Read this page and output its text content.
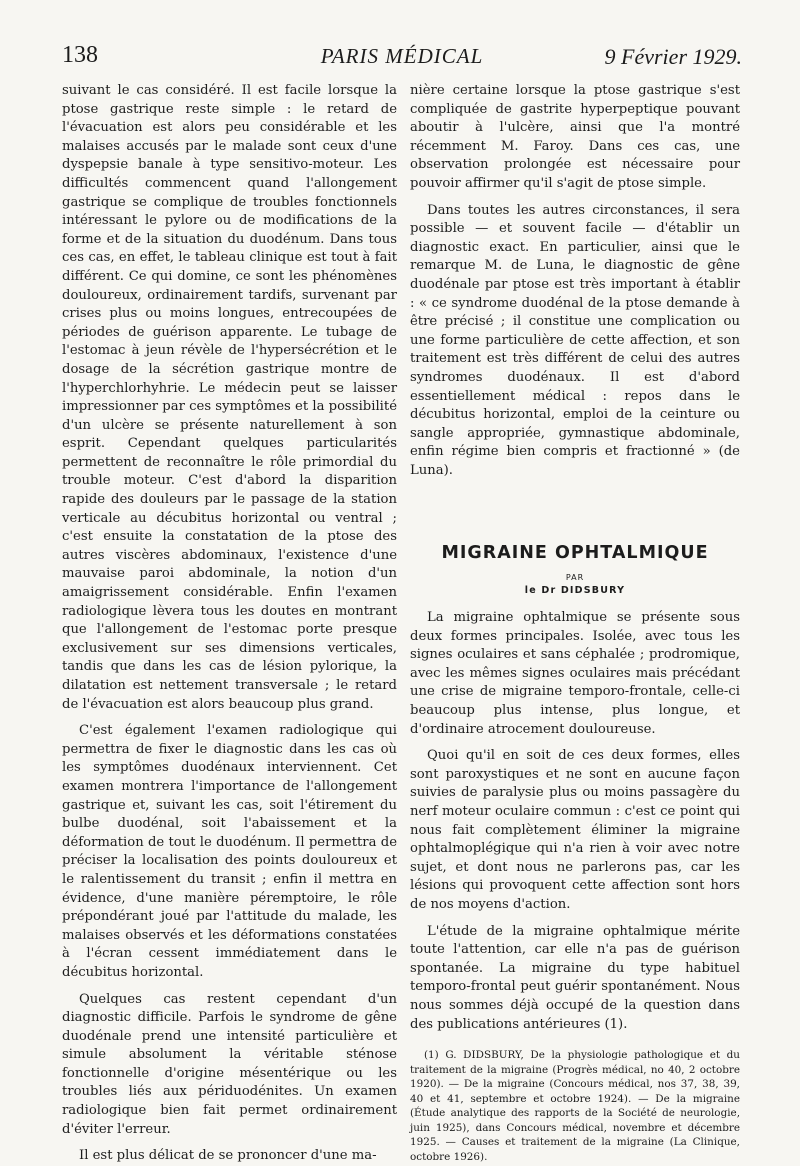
138	PARIS MÉDICAL	9 Février 1929.

suivant le cas considéré. Il est facile lorsque la ptose gastrique reste simple : le retard de l'évacuation est alors peu considérable et les malaises accusés par le malade sont ceux d'une dyspepsie banale à type sensitivo-moteur. Les difficultés commencent quand l'allongement gastrique se complique de troubles fonctionnels intéressant le pylore ou de modifications de la forme et de la situation du duodénum. Dans tous ces cas, en effet, le tableau clinique est tout à fait différent. Ce qui domine, ce sont les phénomènes douloureux, ordinairement tardifs, survenant par crises plus ou moins longues, entrecoupées de périodes de guérison apparente. Le tubage de l'estomac à jeun révèle de l'hypersécrétion et le dosage de la sécrétion gastrique montre de l'hyperchlorhyhrie. Le médecin peut se laisser impressionner par ces symptômes et la possibilité d'un ulcère se présente naturellement à son esprit. Cependant quelques particularités permettent de reconnaître le rôle primordial du trouble moteur. C'est d'abord la disparition rapide des douleurs par le passage de la station verticale au décubitus horizontal ou ventral ; c'est ensuite la constatation de la ptose des autres viscères abdominaux, l'existence d'une mauvaise paroi abdominale, la notion d'un amaigrissement considérable. Enfin l'examen radiologique lèvera tous les doutes en montrant que l'allongement de l'estomac porte presque exclusivement sur ses dimensions verticales, tandis que dans les cas de lésion pylorique, la dilatation est nettement transversale ; le retard de l'évacuation est alors beaucoup plus grand.

C'est également l'examen radiologique qui permettra de fixer le diagnostic dans les cas où les symptômes duodénaux interviennent. Cet examen montrera l'importance de l'allongement gastrique et, suivant les cas, soit l'étirement du bulbe duodénal, soit l'abaissement et la déformation de tout le duodénum. Il permettra de préciser la localisation des points douloureux et le ralentissement du transit ; enfin il mettra en évidence, d'une manière péremptoire, le rôle prépondérant joué par l'attitude du malade, les malaises observés et les déformations constatées à l'écran cessent immédiatement dans le décubitus horizontal.

Quelques cas restent cependant d'un diagnostic difficile. Parfois le syndrome de gêne duodénale prend une intensité particulière et simule absolument la véritable sténose fonctionnelle d'origine mésentérique ou les troubles liés aux périduodénites. Un examen radiologique bien fait permet ordinairement d'éviter l'erreur.

Il est plus délicat de se prononcer d'une ma-

nière certaine lorsque la ptose gastrique s'est compliquée de gastrite hyperpeptique pouvant aboutir à l'ulcère, ainsi que l'a montré récemment M. Faroy. Dans ces cas, une observation prolongée est nécessaire pour pouvoir affirmer qu'il s'agit de ptose simple.

Dans toutes les autres circonstances, il sera possible — et souvent facile — d'établir un diagnostic exact. En particulier, ainsi que le remarque M. de Luna, le diagnostic de gêne duodénale par ptose est très important à établir : « ce syndrome duodénal de la ptose demande à être précisé ; il constitue une complication ou une forme particulière de cette affection, et son traitement est très différent de celui des autres syndromes duodénaux. Il est d'abord essentiellement médical : repos dans le décubitus horizontal, emploi de la ceinture ou sangle appropriée, gymnastique abdominale, enfin régime bien compris et fractionné » (de Luna).

MIGRAINE OPHTALMIQUE
PAR
le Dr DIDSBURY

La migraine ophtalmique se présente sous deux formes principales. Isolée, avec tous les signes oculaires et sans céphalée ; prodromique, avec les mêmes signes oculaires mais précédant une crise de migraine temporo-frontale, celle-ci beaucoup plus intense, plus longue, et d'ordinaire atrocement douloureuse.

Quoi qu'il en soit de ces deux formes, elles sont paroxystiques et ne sont en aucune façon suivies de paralysie plus ou moins passagère du nerf moteur oculaire commun : c'est ce point qui nous fait complètement éliminer la migraine ophtalmoplégique qui n'a rien à voir avec notre sujet, et dont nous ne parlerons pas, car les lésions qui provoquent cette affection sont hors de nos moyens d'action.

L'étude de la migraine ophtalmique mérite toute l'attention, car elle n'a pas de guérison spontanée. La migraine du type habituel temporo-frontal peut guérir spontanément. Nous nous sommes déjà occupé de la question dans des publications antérieures (1).

(1) G. DIDSBURY, De la physiologie pathologique et du traitement de la migraine (Progrès médical, no 40, 2 octobre 1920). — De la migraine (Concours médical, nos 37, 38, 39, 40 et 41, septembre et octobre 1924). — De la migraine (Étude analytique des rapports de la Société de neurologie, juin 1925), dans Concours médical, novembre et décembre 1925. — Causes et traitement de la migraine (La Clinique, octobre 1926).
